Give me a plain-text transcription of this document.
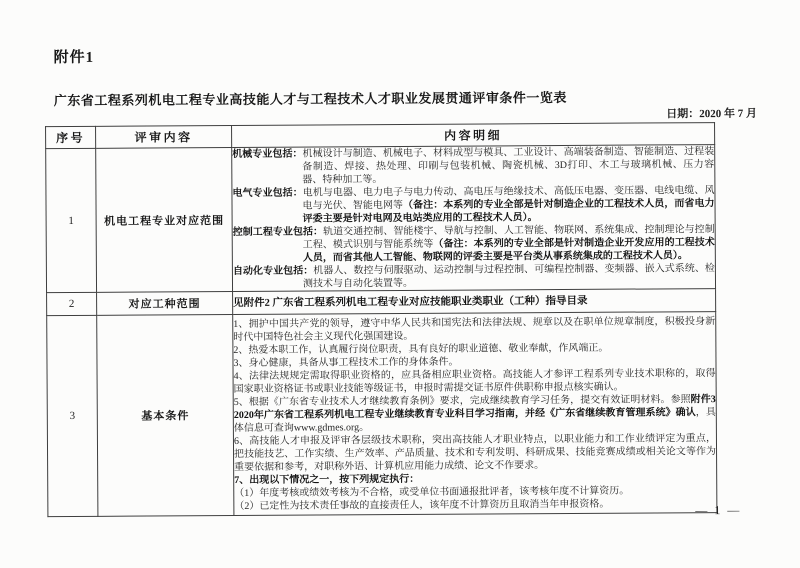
附件1
广东省工程系列机电工程专业高技能人才与工程技术人才职业发展贯通评审条件一览表
日期：2020 年 7 月
序号	评审内容	内容明细
1	机电工程专业对应范围	机械专业包括：机械设计与制造、机械电子、材料成型与模具、工业设计、高端装备制造、智能制造、过程装备制造、焊接、热处理、印刷与包装机械、陶瓷机械、3D打印、木工与玻璃机械、压力容器、特种加工等。

电气专业包括：电机与电器、电力电子与电力传动、高电压与绝缘技术、高低压电器、变压器、电线电缆、风电与光伏、智能电网等（备注：本系列的专业全部是针对制造企业的工程技术人员，而省电力评委主要是针对电网及电站类应用的工程技术人员）。

控制工程专业包括：轨道交通控制、智能楼宇、导航与控制、人工智能、物联网、系统集成、控制理论与控制工程、模式识别与智能系统等（备注：本系列的专业全部是针对制造企业开发应用的工程技术人员，而省其他人工智能、物联网的评委主要是平台类从事系统集成的工程技术人员）。

自动化专业包括：机器人、数控与伺服驱动、运动控制与过程控制、可编程控制器、变频器、嵌入式系统、检测技术与自动化装置等。

2	对应工种范围	见附件2 广东省工程系列机电工程专业对应技能职业类职业（工种）指导目录

3	基本条件	
1、拥护中国共产党的领导，遵守中华人民共和国宪法和法律法规、规章以及在职单位规章制度，积极投身新时代中国特色社会主义现代化强国建设。
2、热爱本职工作，认真履行岗位职责，具有良好的职业道德、敬业奉献，作风端正。
3、身心健康，具备从事工程技术工作的身体条件。
4、法律法规规定需取得职业资格的，应具备相应职业资格。高技能人才参评工程系列专业技术职称的，取得国家职业资格证书或职业技能等级证书，申报时需提交证书原件供职称申报点核实确认。
5、根据《广东省专业技术人才继续教育条例》要求，完成继续教育学习任务，提交有效证明材料。参照附件3 2020年广东省工程系列机电工程专业继续教育专业科目学习指南，并经《广东省继续教育管理系统》确认，具体信息可查询www.gdmes.org。
6、高技能人才申报及评审各层级技术职称，突出高技能人才职业特点，以职业能力和工作业绩评定为重点，把技能技艺、工作实绩、生产效率、产品质量、技术和专利发明、科研成果、技能竞赛成绩或相关论文等作为重要依据和参考，对职称外语、计算机应用能力成绩、论文不作要求。
7、出现以下情况之一，按下列规定执行：
（1）年度考核或绩效考核为不合格，或受单位书面通报批评者，该考核年度不计算资历。
（2）已定性为技术责任事故的直接责任人，该年度不计算资历且取消当年申报资格。	— 1 —
